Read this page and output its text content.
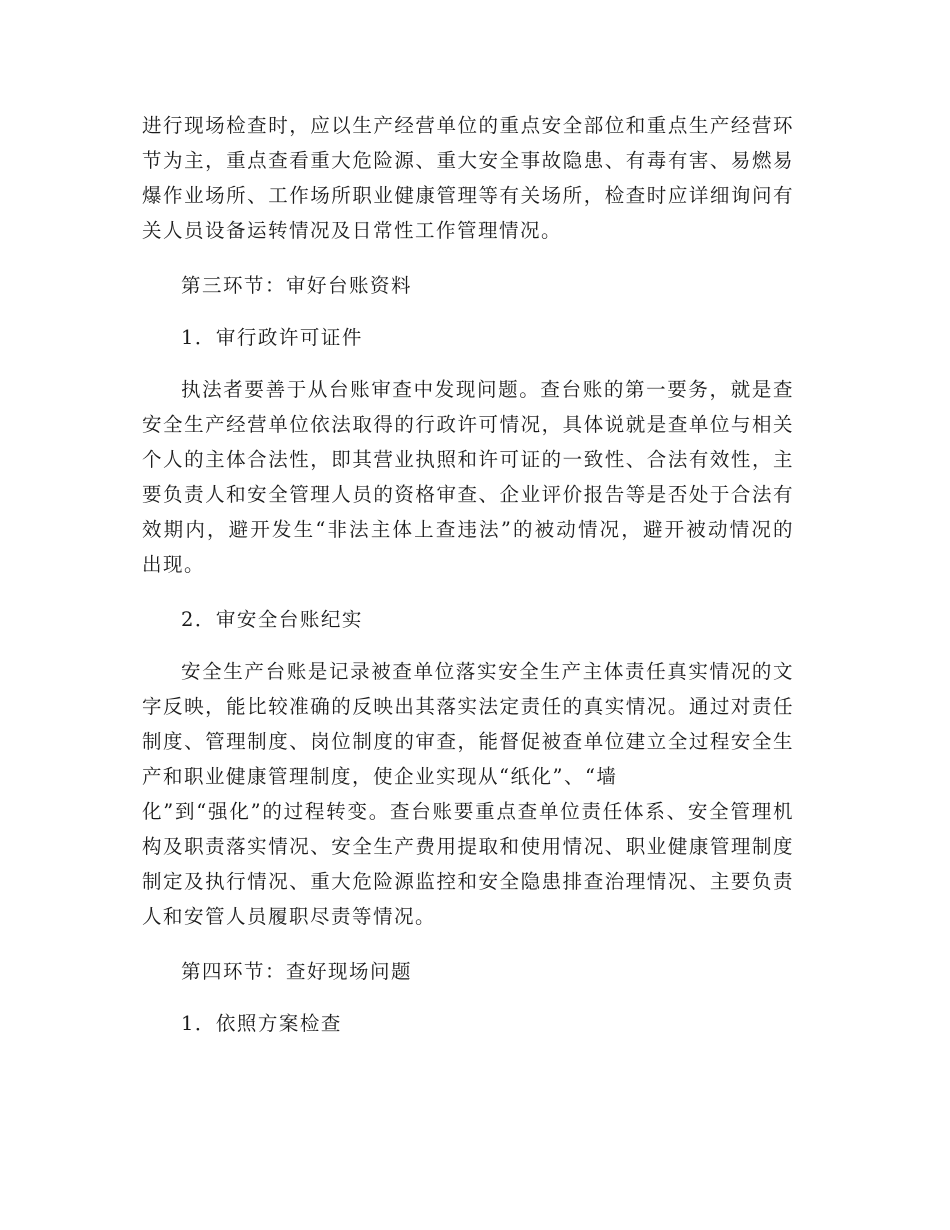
进行现场检查时，应以生产经营单位的重点安全部位和重点生产经营环节为主，重点查看重大危险源、重大安全事故隐患、有毒有害、易燃易爆作业场所、工作场所职业健康管理等有关场所，检查时应详细询问有关人员设备运转情况及日常性工作管理情况。

第三环节：审好台账资料

1．审行政许可证件

执法者要善于从台账审查中发现问题。查台账的第一要务，就是查安全生产经营单位依法取得的行政许可情况，具体说就是查单位与相关个人的主体合法性，即其营业执照和许可证的一致性、合法有效性，主要负责人和安全管理人员的资格审查、企业评价报告等是否处于合法有效期内，避开发生“非法主体上查违法”的被动情况，避开被动情况的出现。

2．审安全台账纪实

安全生产台账是记录被查单位落实安全生产主体责任真实情况的文字反映，能比较准确的反映出其落实法定责任的真实情况。通过对责任制度、管理制度、岗位制度的审查，能督促被查单位建立全过程安全生产和职业健康管理制度，使企业实现从“纸化”、“墙
化”到“强化”的过程转变。查台账要重点查单位责任体系、安全管理机构及职责落实情况、安全生产费用提取和使用情况、职业健康管理制度制定及执行情况、重大危险源监控和安全隐患排查治理情况、主要负责人和安管人员履职尽责等情况。

第四环节：查好现场问题

1．依照方案检查
